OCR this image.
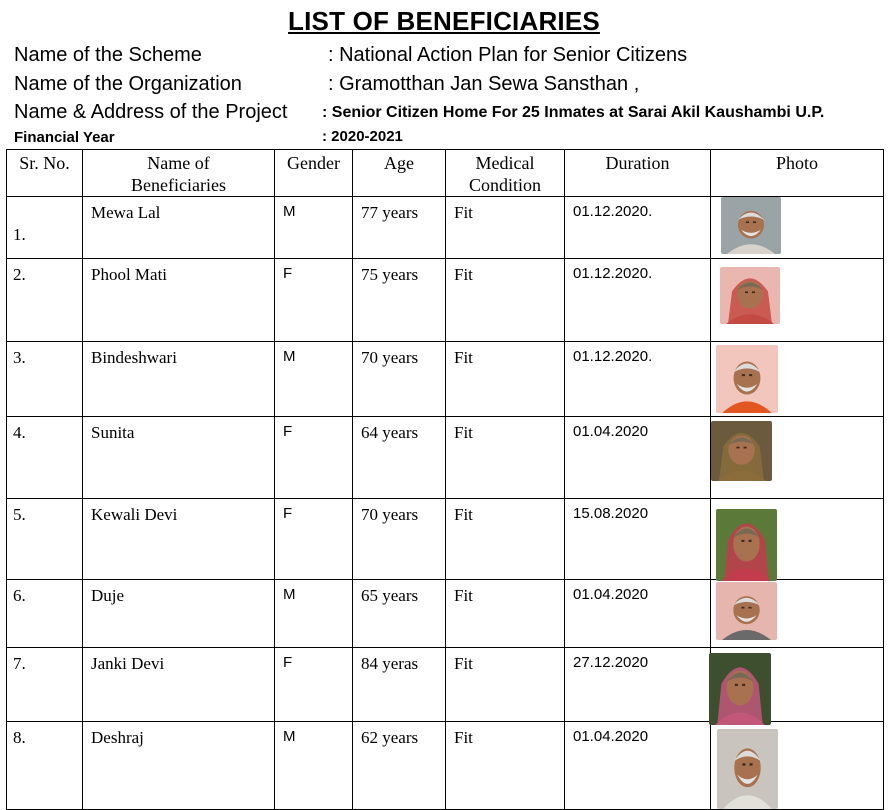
LIST OF BENEFICIARIES
Name of the Scheme	: National Action Plan for Senior Citizens
Name of the Organization	: Gramotthan Jan Sewa Sansthan ,
Name & Address of the Project : Senior Citizen Home For 25 Inmates at Sarai Akil Kaushambi U.P.
Financial Year	: 2020-2021
Sr. No.	Name of Beneficiaries	Gender	Age	Medical Condition	Duration	Photo

1.	Mewa Lal	M	77 years	Fit	01.12.2020.

2.	Phool Mati	F	75 years	Fit	01.12.2020.

3.	Bindeshwari	M	70 years	Fit	01.12.2020.

4.	Sunita	F	64 years	Fit	01.04.2020

5.	Kewali Devi	F	70 years	Fit	15.08.2020

6.	Duje	M	65 years	Fit	01.04.2020

7.	Janki Devi	F	84 yeras	Fit	27.12.2020

8.	Deshraj	M	62 years	Fit	01.04.2020
